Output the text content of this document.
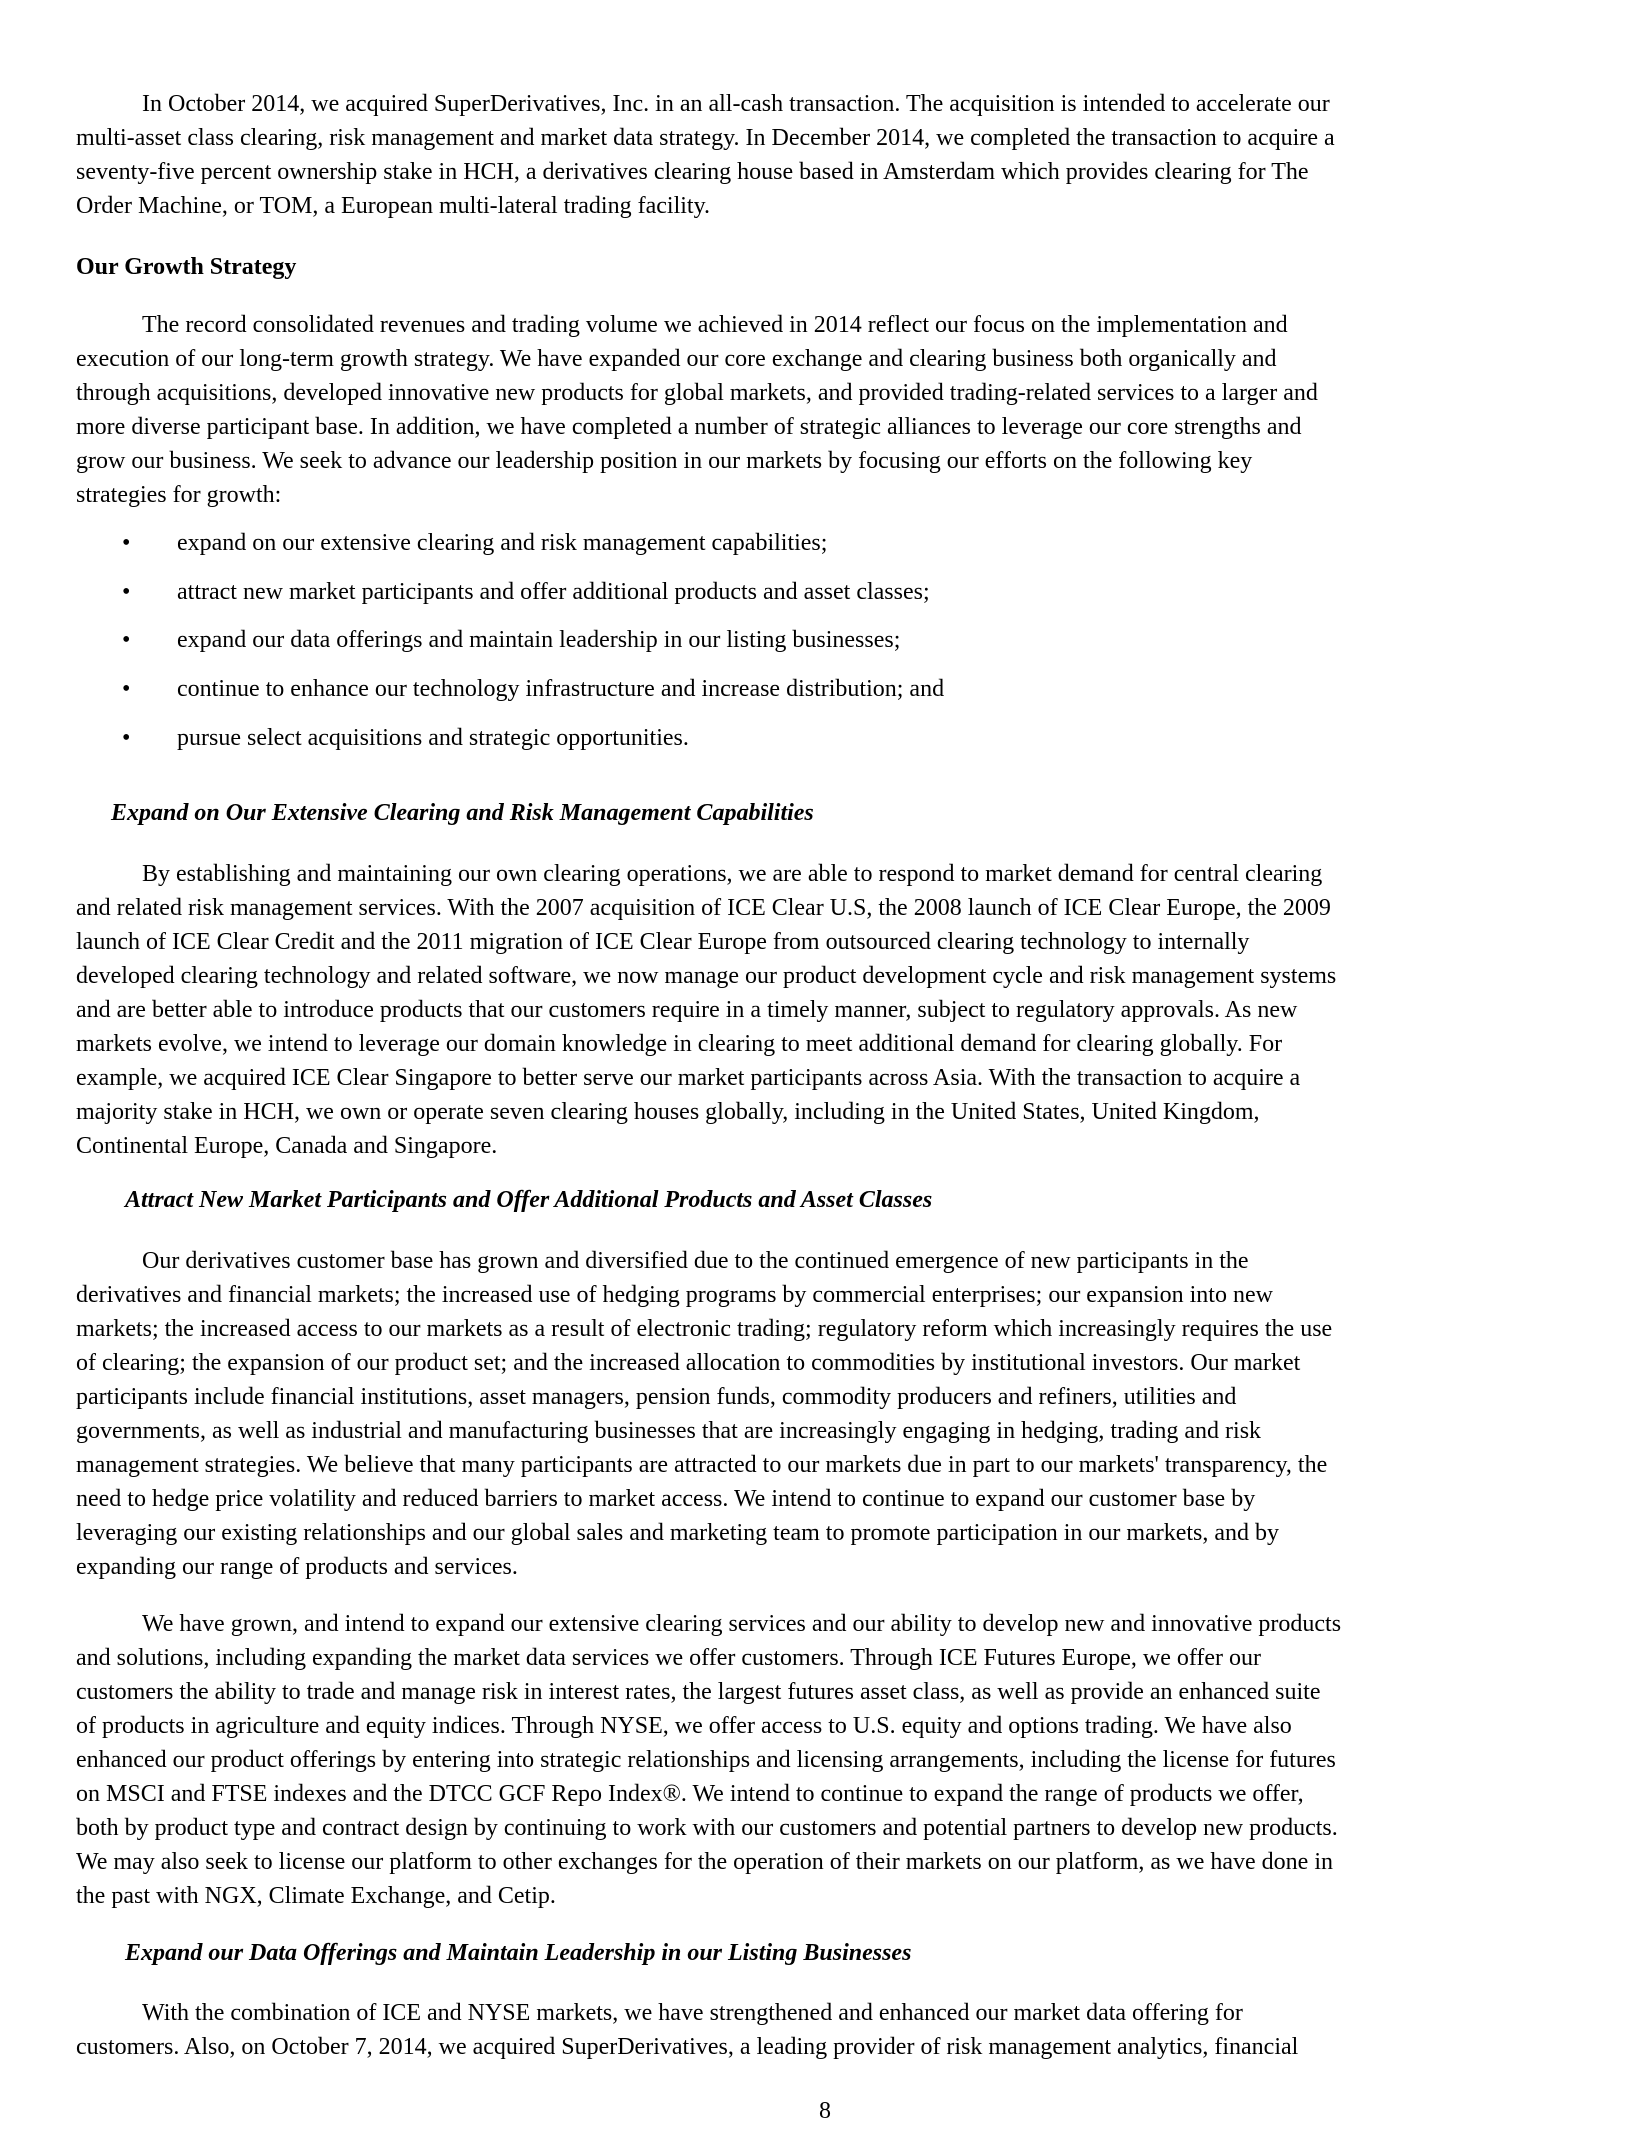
In October 2014, we acquired SuperDerivatives, Inc. in an all-cash transaction. The acquisition is intended to accelerate our
multi-asset class clearing, risk management and market data strategy. In December 2014, we completed the transaction to acquire a
seventy-five percent ownership stake in HCH, a derivatives clearing house based in Amsterdam which provides clearing for The
Order Machine, or TOM, a European multi-lateral trading facility.
Our Growth Strategy
The record consolidated revenues and trading volume we achieved in 2014 reflect our focus on the implementation and
execution of our long-term growth strategy. We have expanded our core exchange and clearing business both organically and
through acquisitions, developed innovative new products for global markets, and provided trading-related services to a larger and
more diverse participant base. In addition, we have completed a number of strategic alliances to leverage our core strengths and
grow our business. We seek to advance our leadership position in our markets by focusing our efforts on the following key
strategies for growth:
• expand on our extensive clearing and risk management capabilities;
• attract new market participants and offer additional products and asset classes;
• expand our data offerings and maintain leadership in our listing businesses;
• continue to enhance our technology infrastructure and increase distribution; and
• pursue select acquisitions and strategic opportunities.
Expand on Our Extensive Clearing and Risk Management Capabilities
By establishing and maintaining our own clearing operations, we are able to respond to market demand for central clearing
and related risk management services. With the 2007 acquisition of ICE Clear U.S, the 2008 launch of ICE Clear Europe, the 2009
launch of ICE Clear Credit and the 2011 migration of ICE Clear Europe from outsourced clearing technology to internally
developed clearing technology and related software, we now manage our product development cycle and risk management systems
and are better able to introduce products that our customers require in a timely manner, subject to regulatory approvals. As new
markets evolve, we intend to leverage our domain knowledge in clearing to meet additional demand for clearing globally. For
example, we acquired ICE Clear Singapore to better serve our market participants across Asia. With the transaction to acquire a
majority stake in HCH, we own or operate seven clearing houses globally, including in the United States, United Kingdom,
Continental Europe, Canada and Singapore.
Attract New Market Participants and Offer Additional Products and Asset Classes
Our derivatives customer base has grown and diversified due to the continued emergence of new participants in the
derivatives and financial markets; the increased use of hedging programs by commercial enterprises; our expansion into new
markets; the increased access to our markets as a result of electronic trading; regulatory reform which increasingly requires the use
of clearing; the expansion of our product set; and the increased allocation to commodities by institutional investors. Our market
participants include financial institutions, asset managers, pension funds, commodity producers and refiners, utilities and
governments, as well as industrial and manufacturing businesses that are increasingly engaging in hedging, trading and risk
management strategies. We believe that many participants are attracted to our markets due in part to our markets' transparency, the
need to hedge price volatility and reduced barriers to market access. We intend to continue to expand our customer base by
leveraging our existing relationships and our global sales and marketing team to promote participation in our markets, and by
expanding our range of products and services.
We have grown, and intend to expand our extensive clearing services and our ability to develop new and innovative products
and solutions, including expanding the market data services we offer customers. Through ICE Futures Europe, we offer our
customers the ability to trade and manage risk in interest rates, the largest futures asset class, as well as provide an enhanced suite
of products in agriculture and equity indices. Through NYSE, we offer access to U.S. equity and options trading. We have also
enhanced our product offerings by entering into strategic relationships and licensing arrangements, including the license for futures
on MSCI and FTSE indexes and the DTCC GCF Repo Index®. We intend to continue to expand the range of products we offer,
both by product type and contract design by continuing to work with our customers and potential partners to develop new products.
We may also seek to license our platform to other exchanges for the operation of their markets on our platform, as we have done in
the past with NGX, Climate Exchange, and Cetip.
Expand our Data Offerings and Maintain Leadership in our Listing Businesses
With the combination of ICE and NYSE markets, we have strengthened and enhanced our market data offering for
customers. Also, on October 7, 2014, we acquired SuperDerivatives, a leading provider of risk management analytics, financial
8
